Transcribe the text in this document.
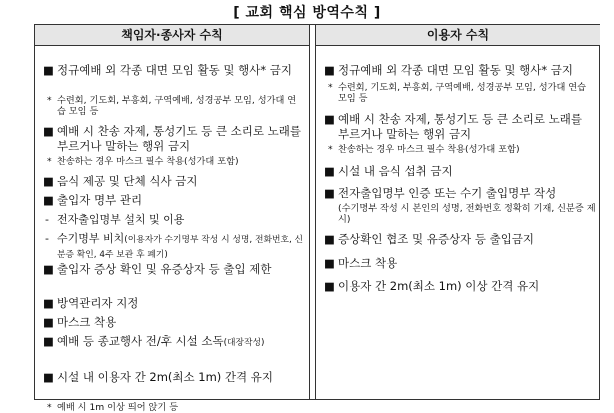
[ 교회 핵심 방역수칙 ]
책임자·종사자 수칙	이용자 수칙
■ 정규예배 외 각종 대면 모임 활동 및 행사* 금지
* 수련회, 기도회, 부흥회, 구역예배, 성경공부 모임, 성가대 연습 모임 등
■ 예배 시 찬송 자제, 통성기도 등 큰 소리로 노래를 부르거나 말하는 행위 금지
* 찬송하는 경우 마스크 필수 착용(성가대 포함)
■ 음식 제공 및 단체 식사 금지
■ 출입자 명부 관리
- 전자출입명부 설치 및 이용
- 수기명부 비치(이용자가 수기명부 작성 시 성명, 전화번호, 신분증 확인, 4주 보관 후 폐기)
■ 출입자 증상 확인 및 유증상자 등 출입 제한
■ 방역관리자 지정
■ 마스크 착용
■ 예배 등 종교행사 전/후 시설 소독(대장작성)
■ 시설 내 이용자 간 2m(최소 1m) 간격 유지
* 예배 시 1m 이상 띄어 앉기 등
■ 정규예배 외 각종 대면 모임 활동 및 행사* 금지
* 수련회, 기도회, 부흥회, 구역예배, 성경공부 모임, 성가대 연습 모임 등
■ 예배 시 찬송 자제, 통성기도 등 큰 소리로 노래를 부르거나 말하는 행위 금지
* 찬송하는 경우 마스크 필수 착용(성가대 포함)
■ 시설 내 음식 섭취 금지
■ 전자출입명부 인증 또는 수기 출입명부 작성
(수기명부 작성 시 본인의 성명, 전화번호 정확히 기재, 신분증 제시)
■ 증상확인 협조 및 유증상자 등 출입금지
■ 마스크 착용
■ 이용자 간 2m(최소 1m) 이상 간격 유지
